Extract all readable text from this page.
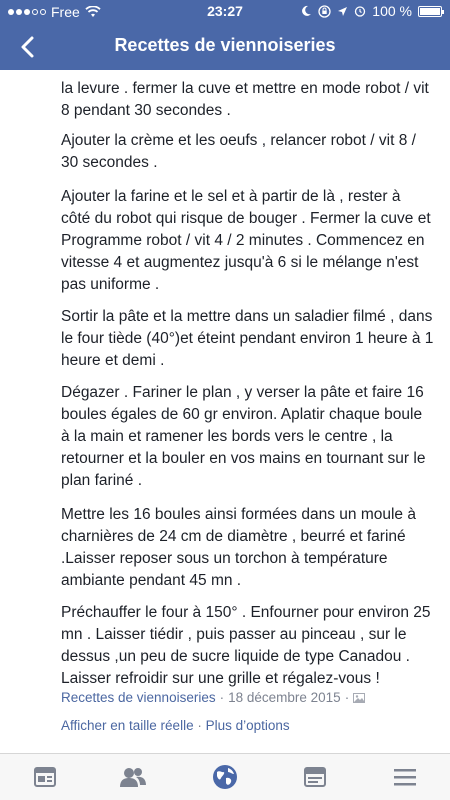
Free	23:27	100 %
Recettes de viennoiseries
la levure . fermer la cuve et mettre en mode robot / vit
8 pendant 30 secondes .
Ajouter la crème et les oeufs , relancer robot / vit 8 /
30 secondes .
Ajouter la farine et le sel et à partir de là , rester à
côté du robot qui risque de bouger . Fermer la cuve et
Programme robot / vit 4 / 2 minutes . Commencez en
vitesse 4 et augmentez jusqu'à 6 si le mélange n'est
pas uniforme .
Sortir la pâte et la mettre dans un saladier filmé , dans
le four tiède (40°)et éteint pendant environ 1 heure à 1
heure et demi .
Dégazer . Fariner le plan , y verser la pâte et faire 16
boules égales de 60 gr environ. Aplatir chaque boule
à la main et ramener les bords vers le centre , la
retourner et la bouler en vos mains en tournant sur le
plan fariné .
Mettre les 16 boules ainsi formées dans un moule à
charnières de 24 cm de diamètre , beurré et fariné
.Laisser reposer sous un torchon à température
ambiante pendant 45 mn .
Préchauffer le four à 150° . Enfourner pour environ 25
mn . Laisser tiédir , puis passer au pinceau , sur le
dessus ,un peu de sucre liquide de type Canadou .
Laisser refroidir sur une grille et régalez-vous !
Recettes de viennoiseries · 18 décembre 2015 ·
Afficher en taille réelle · Plus d’options
